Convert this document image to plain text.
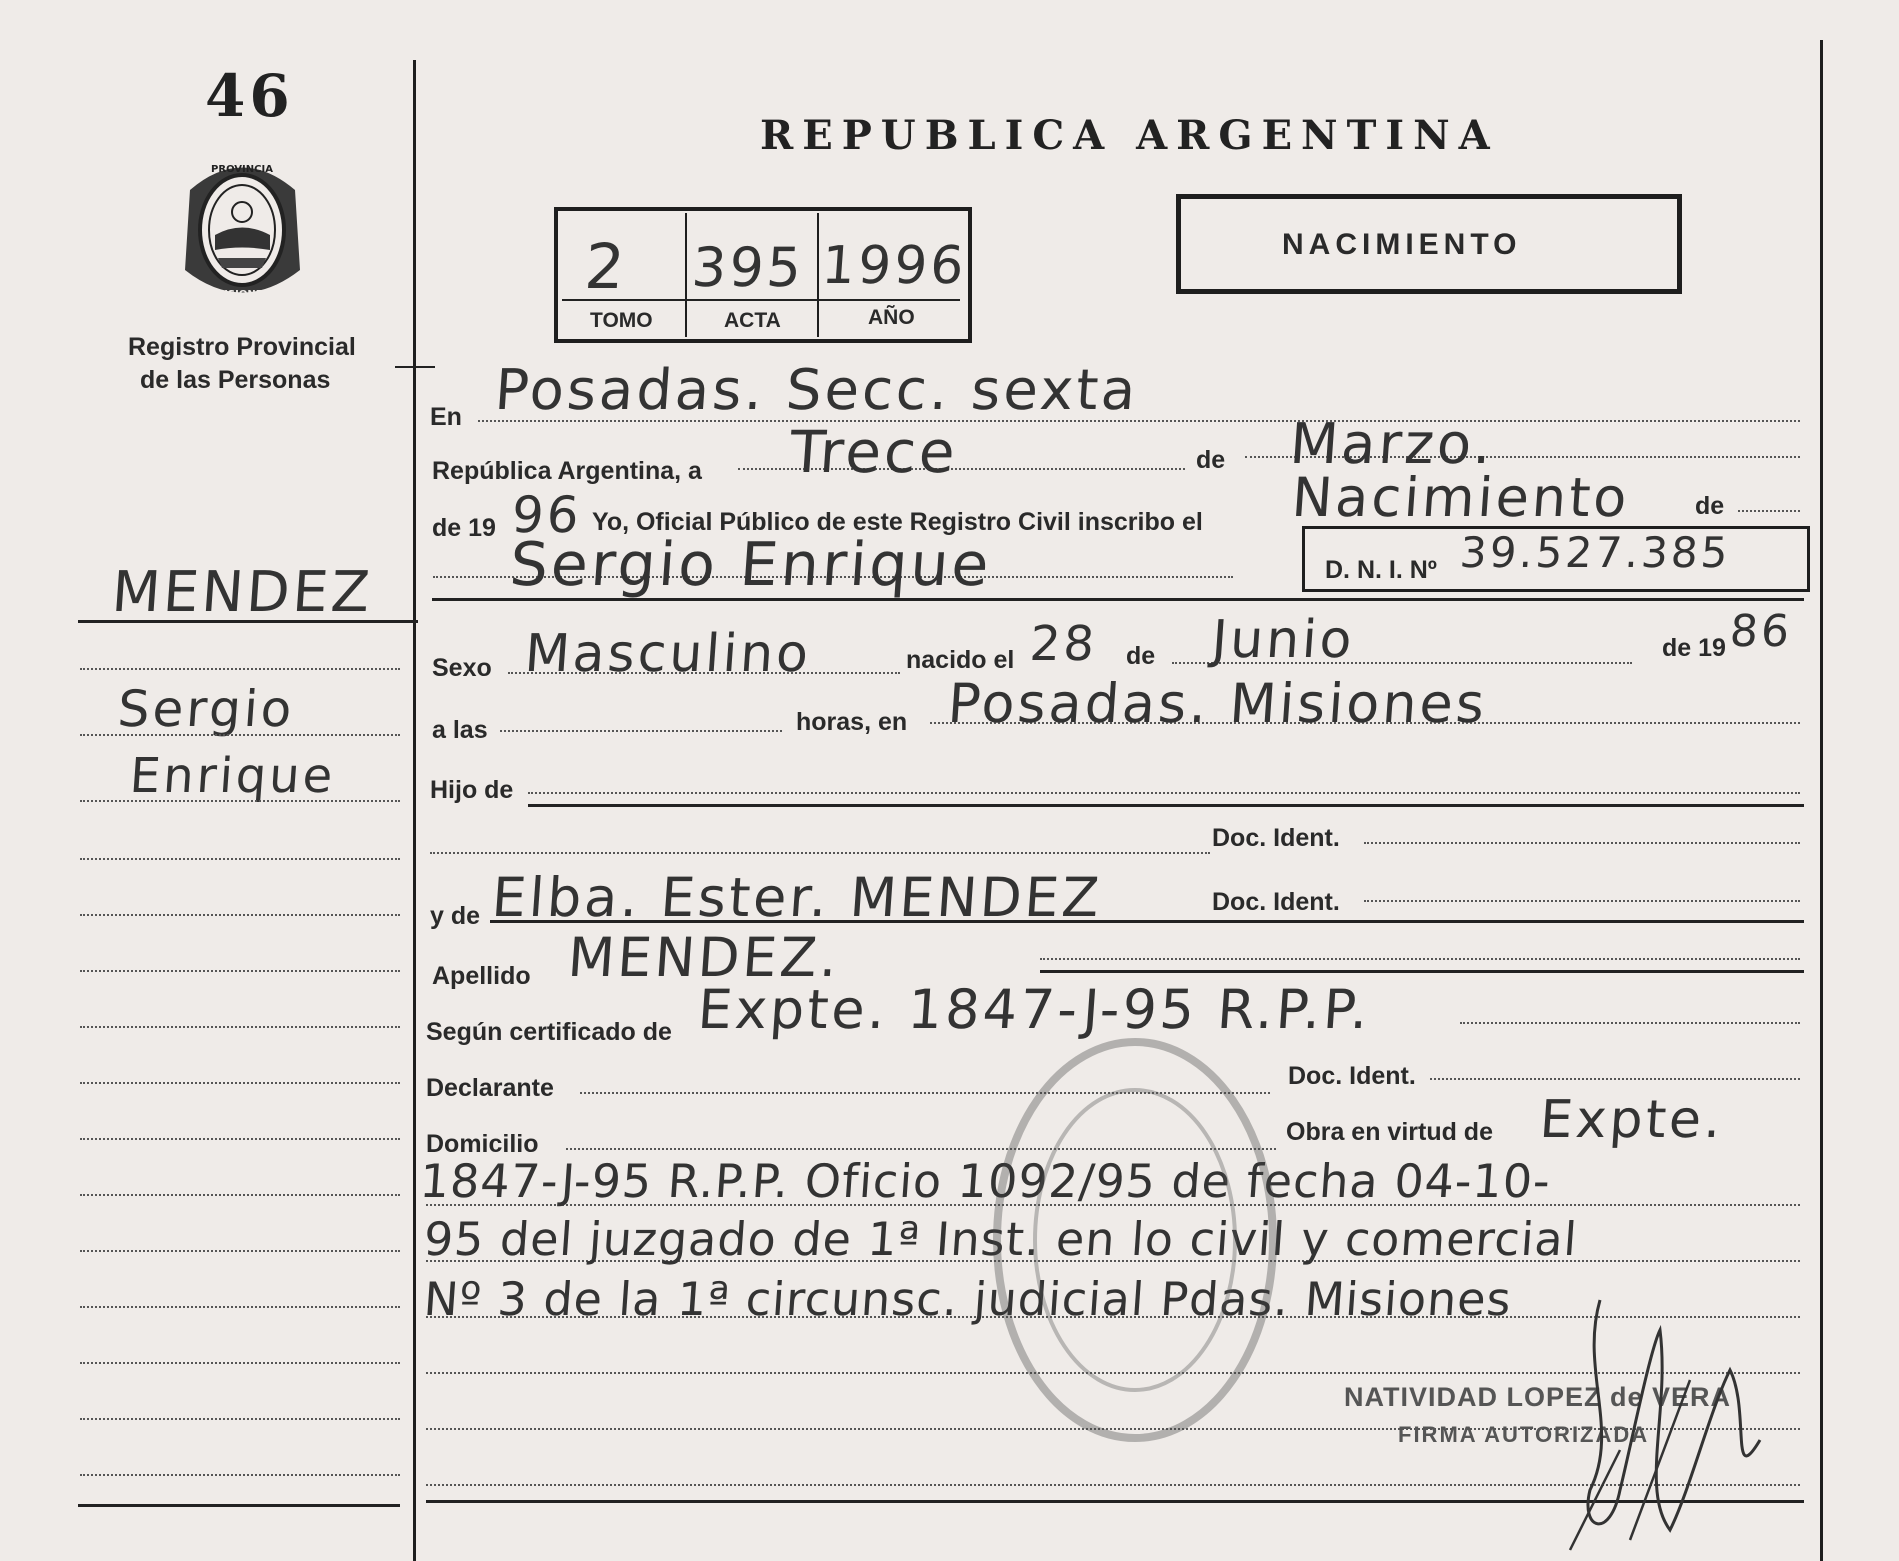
46
PROVINCIA
MISIONES
Registro Provincial
de las Personas
REPUBLICA ARGENTINA
2 395 1996
TOMO	ACTA	AÑO
NACIMIENTO
En Posadas. Secc. sexta
República Argentina, a Trece	de Marzo.
de 19 96 Yo, Oficial Público de este Registro Civil inscribo el Nacimiento	de
Sergio Enrique	D. N. I. Nº 39.527.385
MENDEZ
Sergio
Enrique
Sexo Masculino	nacido el 28 de Junio	de 19 86
a las	horas, en Posadas. Misiones
Hijo de
Doc. Ident.
y de Elba. Ester. MENDEZ	Doc. Ident.
Apellido MENDEZ.
Según certificado de Expte. 1847-J-95 R.P.P.
Declarante	Doc. Ident.
Domicilio	Obra en virtud de Expte.
1847-J-95 R.P.P. Oficio 1092/95 de fecha 04-10-
95 del juzgado de 1ª Inst. en lo civil y comercial
Nº 3 de la 1ª circunsc. judicial Pdas. Misiones
NATIVIDAD LOPEZ de VERA
FIRMA AUTORIZADA
